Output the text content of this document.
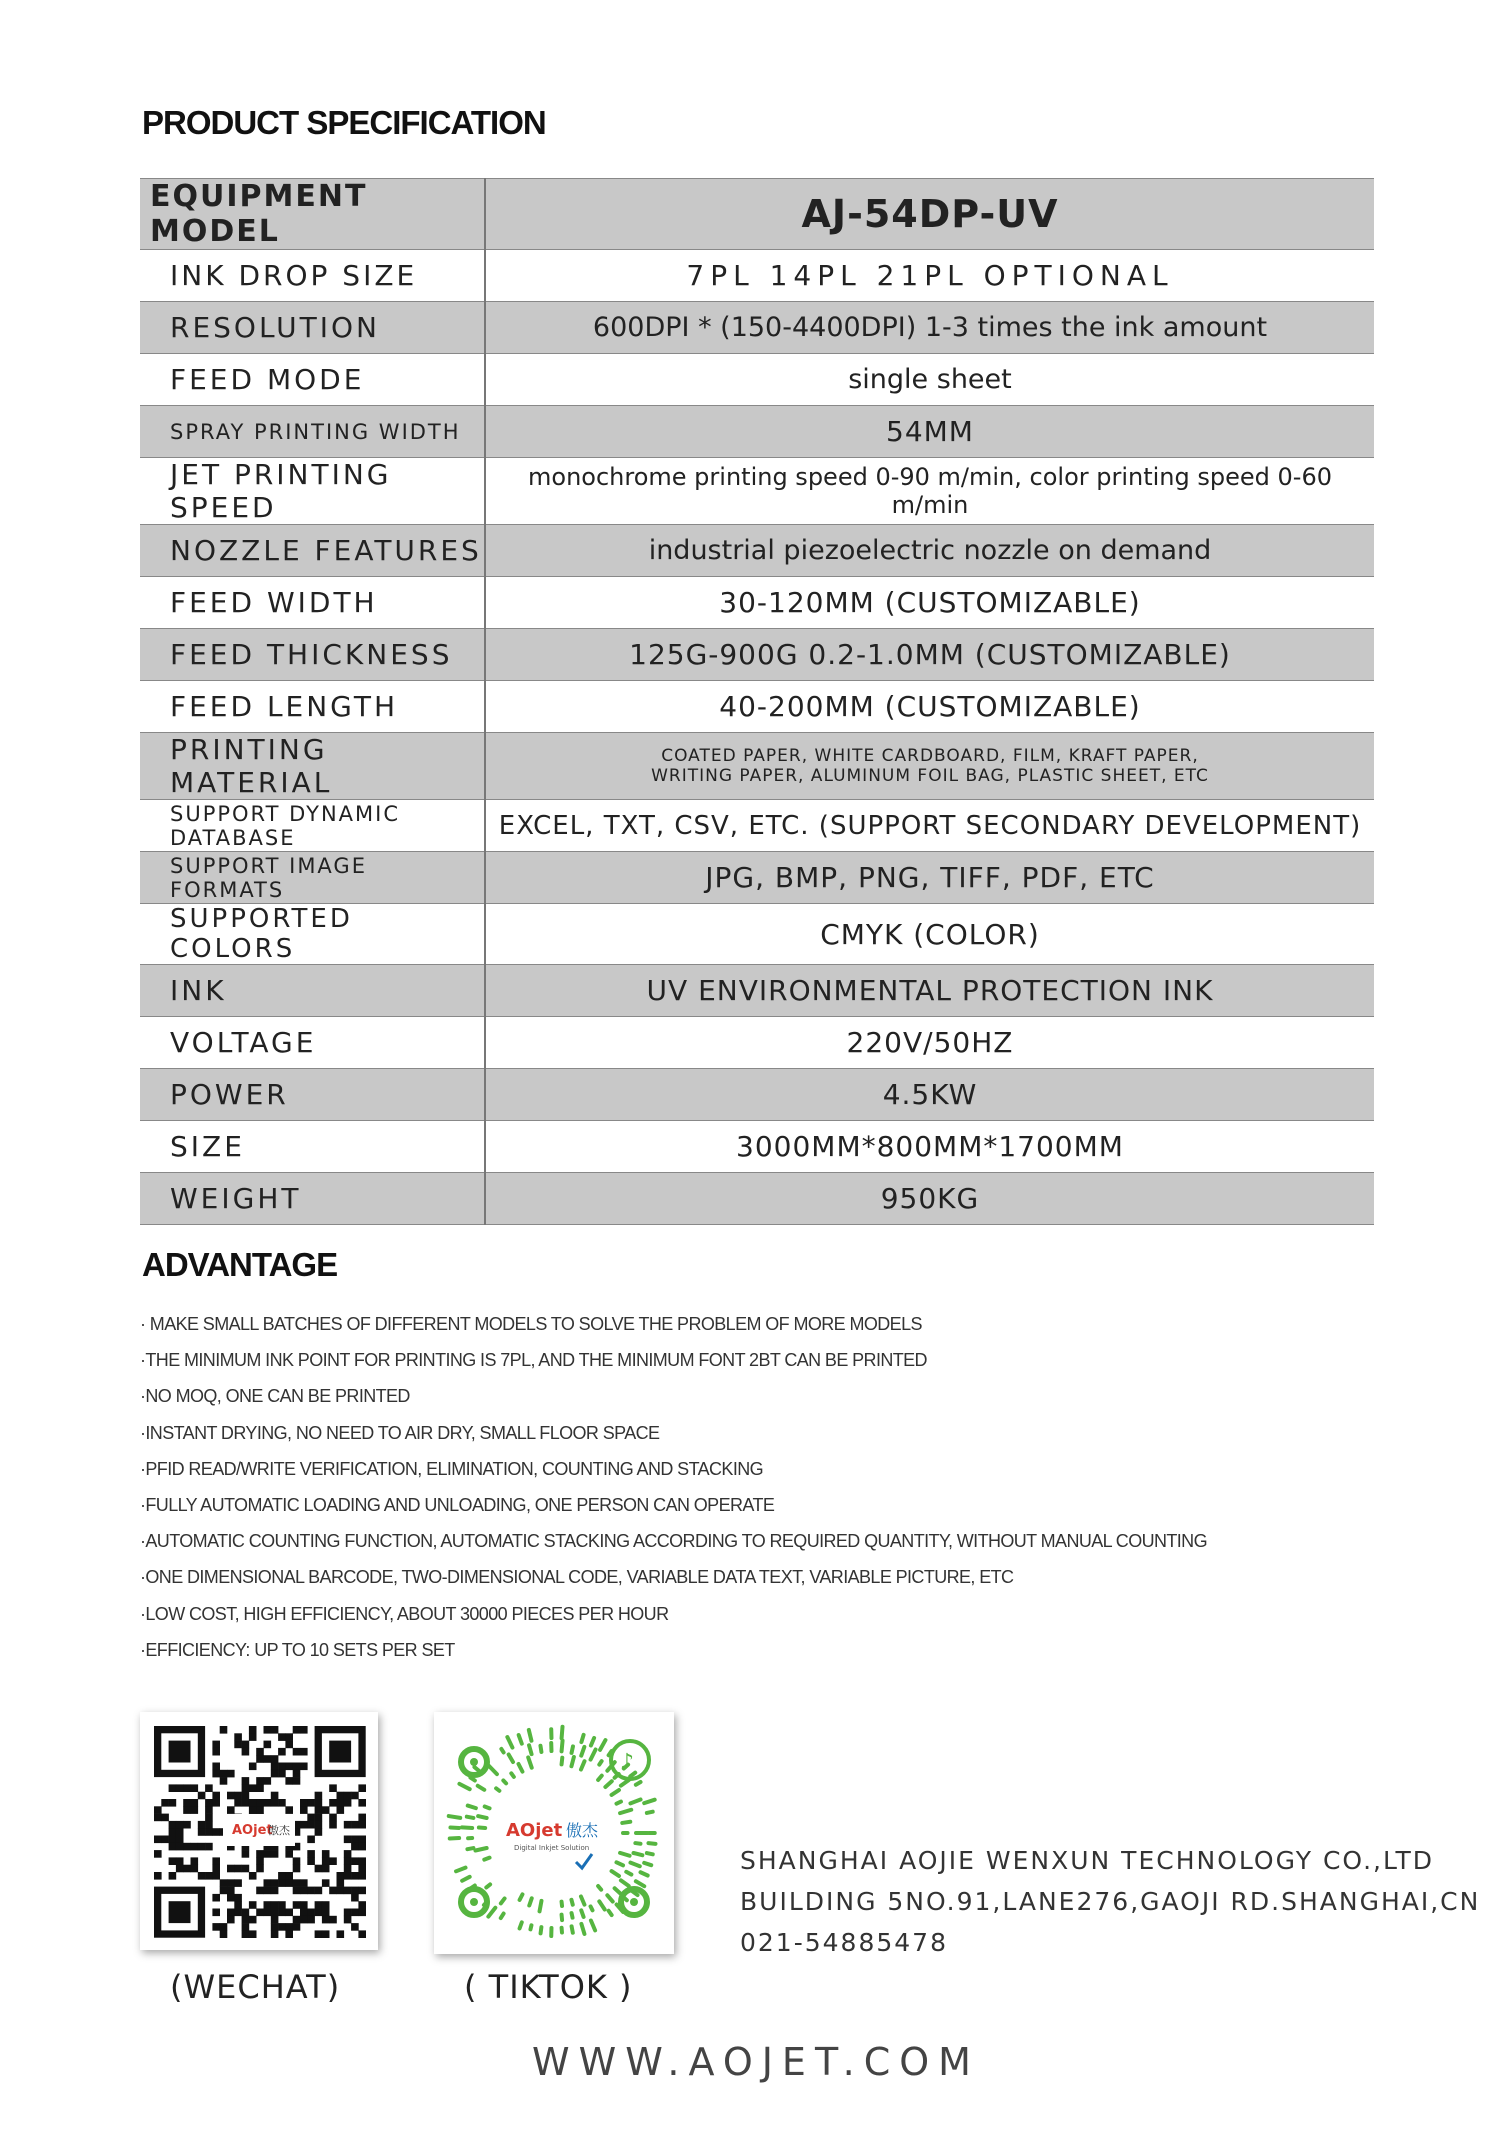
PRODUCT SPECIFICATION
EQUIPMENT MODEL	AJ-54DP-UV
INK DROP SIZE	7PL 14PL 21PL OPTIONAL
RESOLUTION	600DPI * (150-4400DPI) 1-3 times the ink amount
FEED MODE	single sheet
SPRAY PRINTING WIDTH	54MM
JET PRINTING SPEED	monochrome printing speed 0-90 m/min, color printing speed 0-60 m/min
NOZZLE FEATURES	industrial piezoelectric nozzle on demand
FEED WIDTH	30-120MM (CUSTOMIZABLE)
FEED THICKNESS	125G-900G 0.2-1.0MM (CUSTOMIZABLE)
FEED LENGTH	40-200MM (CUSTOMIZABLE)
PRINTING MATERIAL	COATED PAPER, WHITE CARDBOARD, FILM, KRAFT PAPER,
WRITING PAPER, ALUMINUM FOIL BAG, PLASTIC SHEET, ETC

SUPPORT DYNAMIC DATABASE	EXCEL, TXT, CSV, ETC. (SUPPORT SECONDARY DEVELOPMENT)
SUPPORT IMAGE FORMATS	JPG, BMP, PNG, TIFF, PDF, ETC
SUPPORTED COLORS	CMYK (COLOR)
INK	UV ENVIRONMENTAL PROTECTION INK
VOLTAGE	220V/50HZ
POWER	4.5KW
SIZE	3000MM*800MM*1700MM
WEIGHT	950KG
ADVANTAGE
· MAKE SMALL BATCHES OF DIFFERENT MODELS TO SOLVE THE PROBLEM OF MORE MODELS
·THE MINIMUM INK POINT FOR PRINTING IS 7PL, AND THE MINIMUM FONT 2BT CAN BE PRINTED
·NO MOQ, ONE CAN BE PRINTED
·INSTANT DRYING, NO NEED TO AIR DRY, SMALL FLOOR SPACE
·PFID READ/WRITE VERIFICATION, ELIMINATION, COUNTING AND STACKING
·FULLY AUTOMATIC LOADING AND UNLOADING, ONE PERSON CAN OPERATE
·AUTOMATIC COUNTING FUNCTION, AUTOMATIC STACKING ACCORDING TO REQUIRED QUANTITY, WITHOUT MANUAL COUNTING
·ONE DIMENSIONAL BARCODE, TWO-DIMENSIONAL CODE, VARIABLE DATA TEXT, VARIABLE PICTURE, ETC
·LOW COST, HIGH EFFICIENCY, ABOUT 30000 PIECES PER HOUR
·EFFICIENCY: UP TO 10 SETS PER SET
AOjet
傲杰
(WECHAT)
♪
AOjet 傲杰
Digital Inkjet Solution
( TIKTOK )
SHANGHAI AOJIE WENXUN TECHNOLOGY CO.,LTD
BUILDING 5NO.91,LANE276,GAOJI RD.SHANGHAI,CN
021-54885478
WWW.AOJET.COM
